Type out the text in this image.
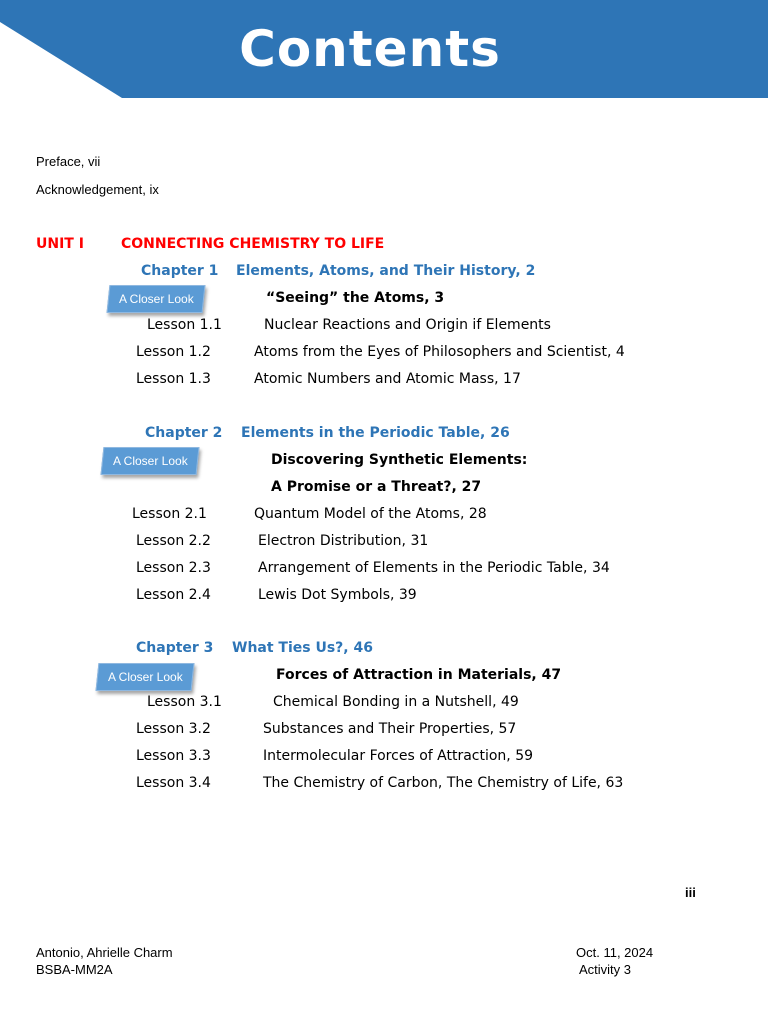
Contents
Preface, vii
Acknowledgement, ix
UNIT I	CONNECTING CHEMISTRY TO LIFE
Chapter 1 Elements, Atoms, and Their History, 2
A Closer Look	“Seeing” the Atoms, 3
Lesson 1.1	Nuclear Reactions and Origin if Elements
Lesson 1.2	Atoms from the Eyes of Philosophers and Scientist, 4
Lesson 1.3	Atomic Numbers and Atomic Mass, 17
Chapter 2 Elements in the Periodic Table, 26
A Closer Look	Discovering Synthetic Elements:
A Promise or a Threat?, 27
Lesson 2.1	Quantum Model of the Atoms, 28
Lesson 2.2	Electron Distribution, 31
Lesson 2.3	Arrangement of Elements in the Periodic Table, 34
Lesson 2.4	Lewis Dot Symbols, 39
Chapter 3 What Ties Us?, 46
A Closer Look	Forces of Attraction in Materials, 47
Lesson 3.1	Chemical Bonding in a Nutshell, 49
Lesson 3.2	Substances and Their Properties, 57
Lesson 3.3	Intermolecular Forces of Attraction, 59
Lesson 3.4	The Chemistry of Carbon, The Chemistry of Life, 63
iii
Antonio, Ahrielle Charm
BSBA-MM2A
Oct. 11, 2024
Activity 3
